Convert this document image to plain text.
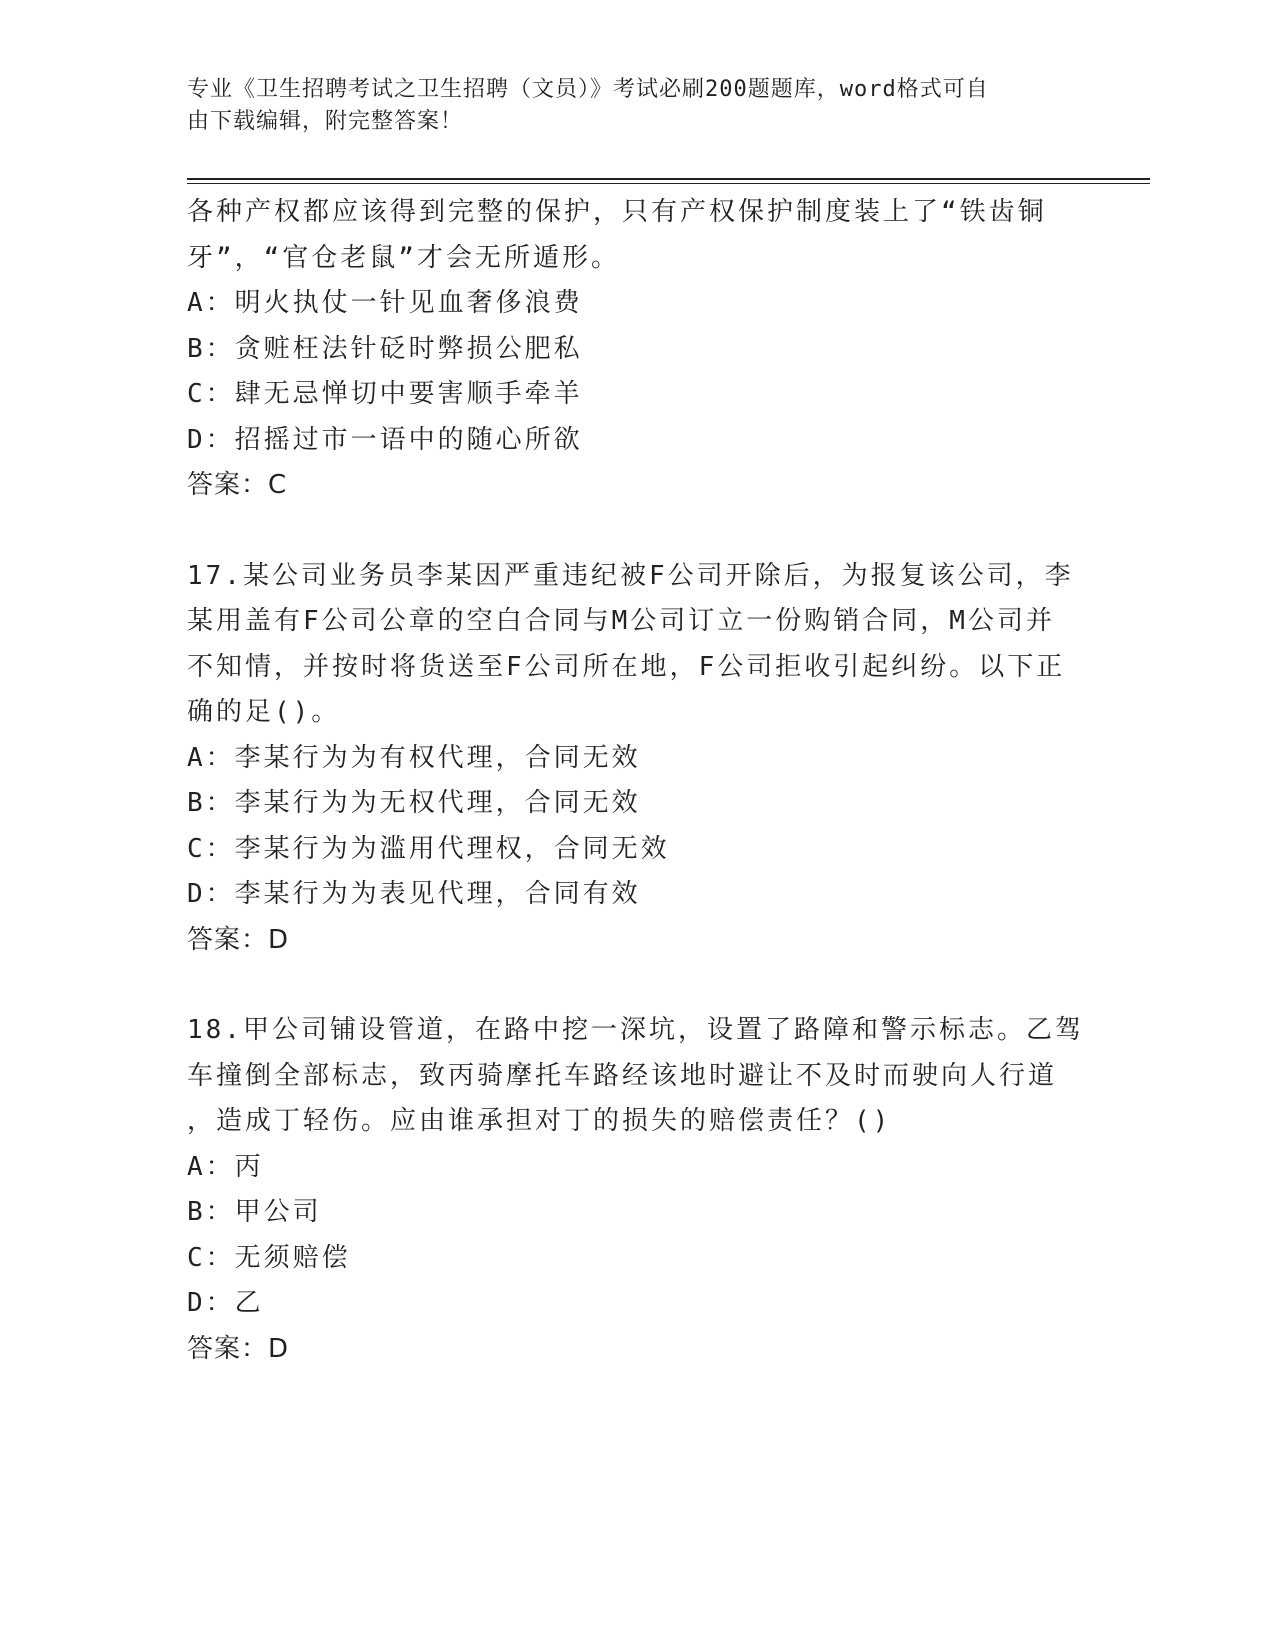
专业《卫生招聘考试之卫生招聘（文员）》考试必刷200题题库，word格式可自
由下载编辑，附完整答案！
各种产权都应该得到完整的保护，只有产权保护制度装上了“铁齿铜
牙”，“官仓老鼠”才会无所遁形。
A：明火执仗一针见血奢侈浪费
B：贪赃枉法针砭时弊损公肥私
C：肆无忌惮切中要害顺手牵羊
D：招摇过市一语中的随心所欲
答案：C
17.某公司业务员李某因严重违纪被F公司开除后，为报复该公司，李
某用盖有F公司公章的空白合同与M公司订立一份购销合同，M公司并
不知情，并按时将货送至F公司所在地，F公司拒收引起纠纷。以下正
确的足()。
A：李某行为为有权代理，合同无效
B：李某行为为无权代理，合同无效
C：李某行为为滥用代理权，合同无效
D：李某行为为表见代理，合同有效
答案：D
18.甲公司铺设管道，在路中挖一深坑，设置了路障和警示标志。乙驾
车撞倒全部标志，致丙骑摩托车路经该地时避让不及时而驶向人行道
，造成丁轻伤。应由谁承担对丁的损失的赔偿责任？()
A：丙
B：甲公司
C：无须赔偿
D：乙
答案：D
